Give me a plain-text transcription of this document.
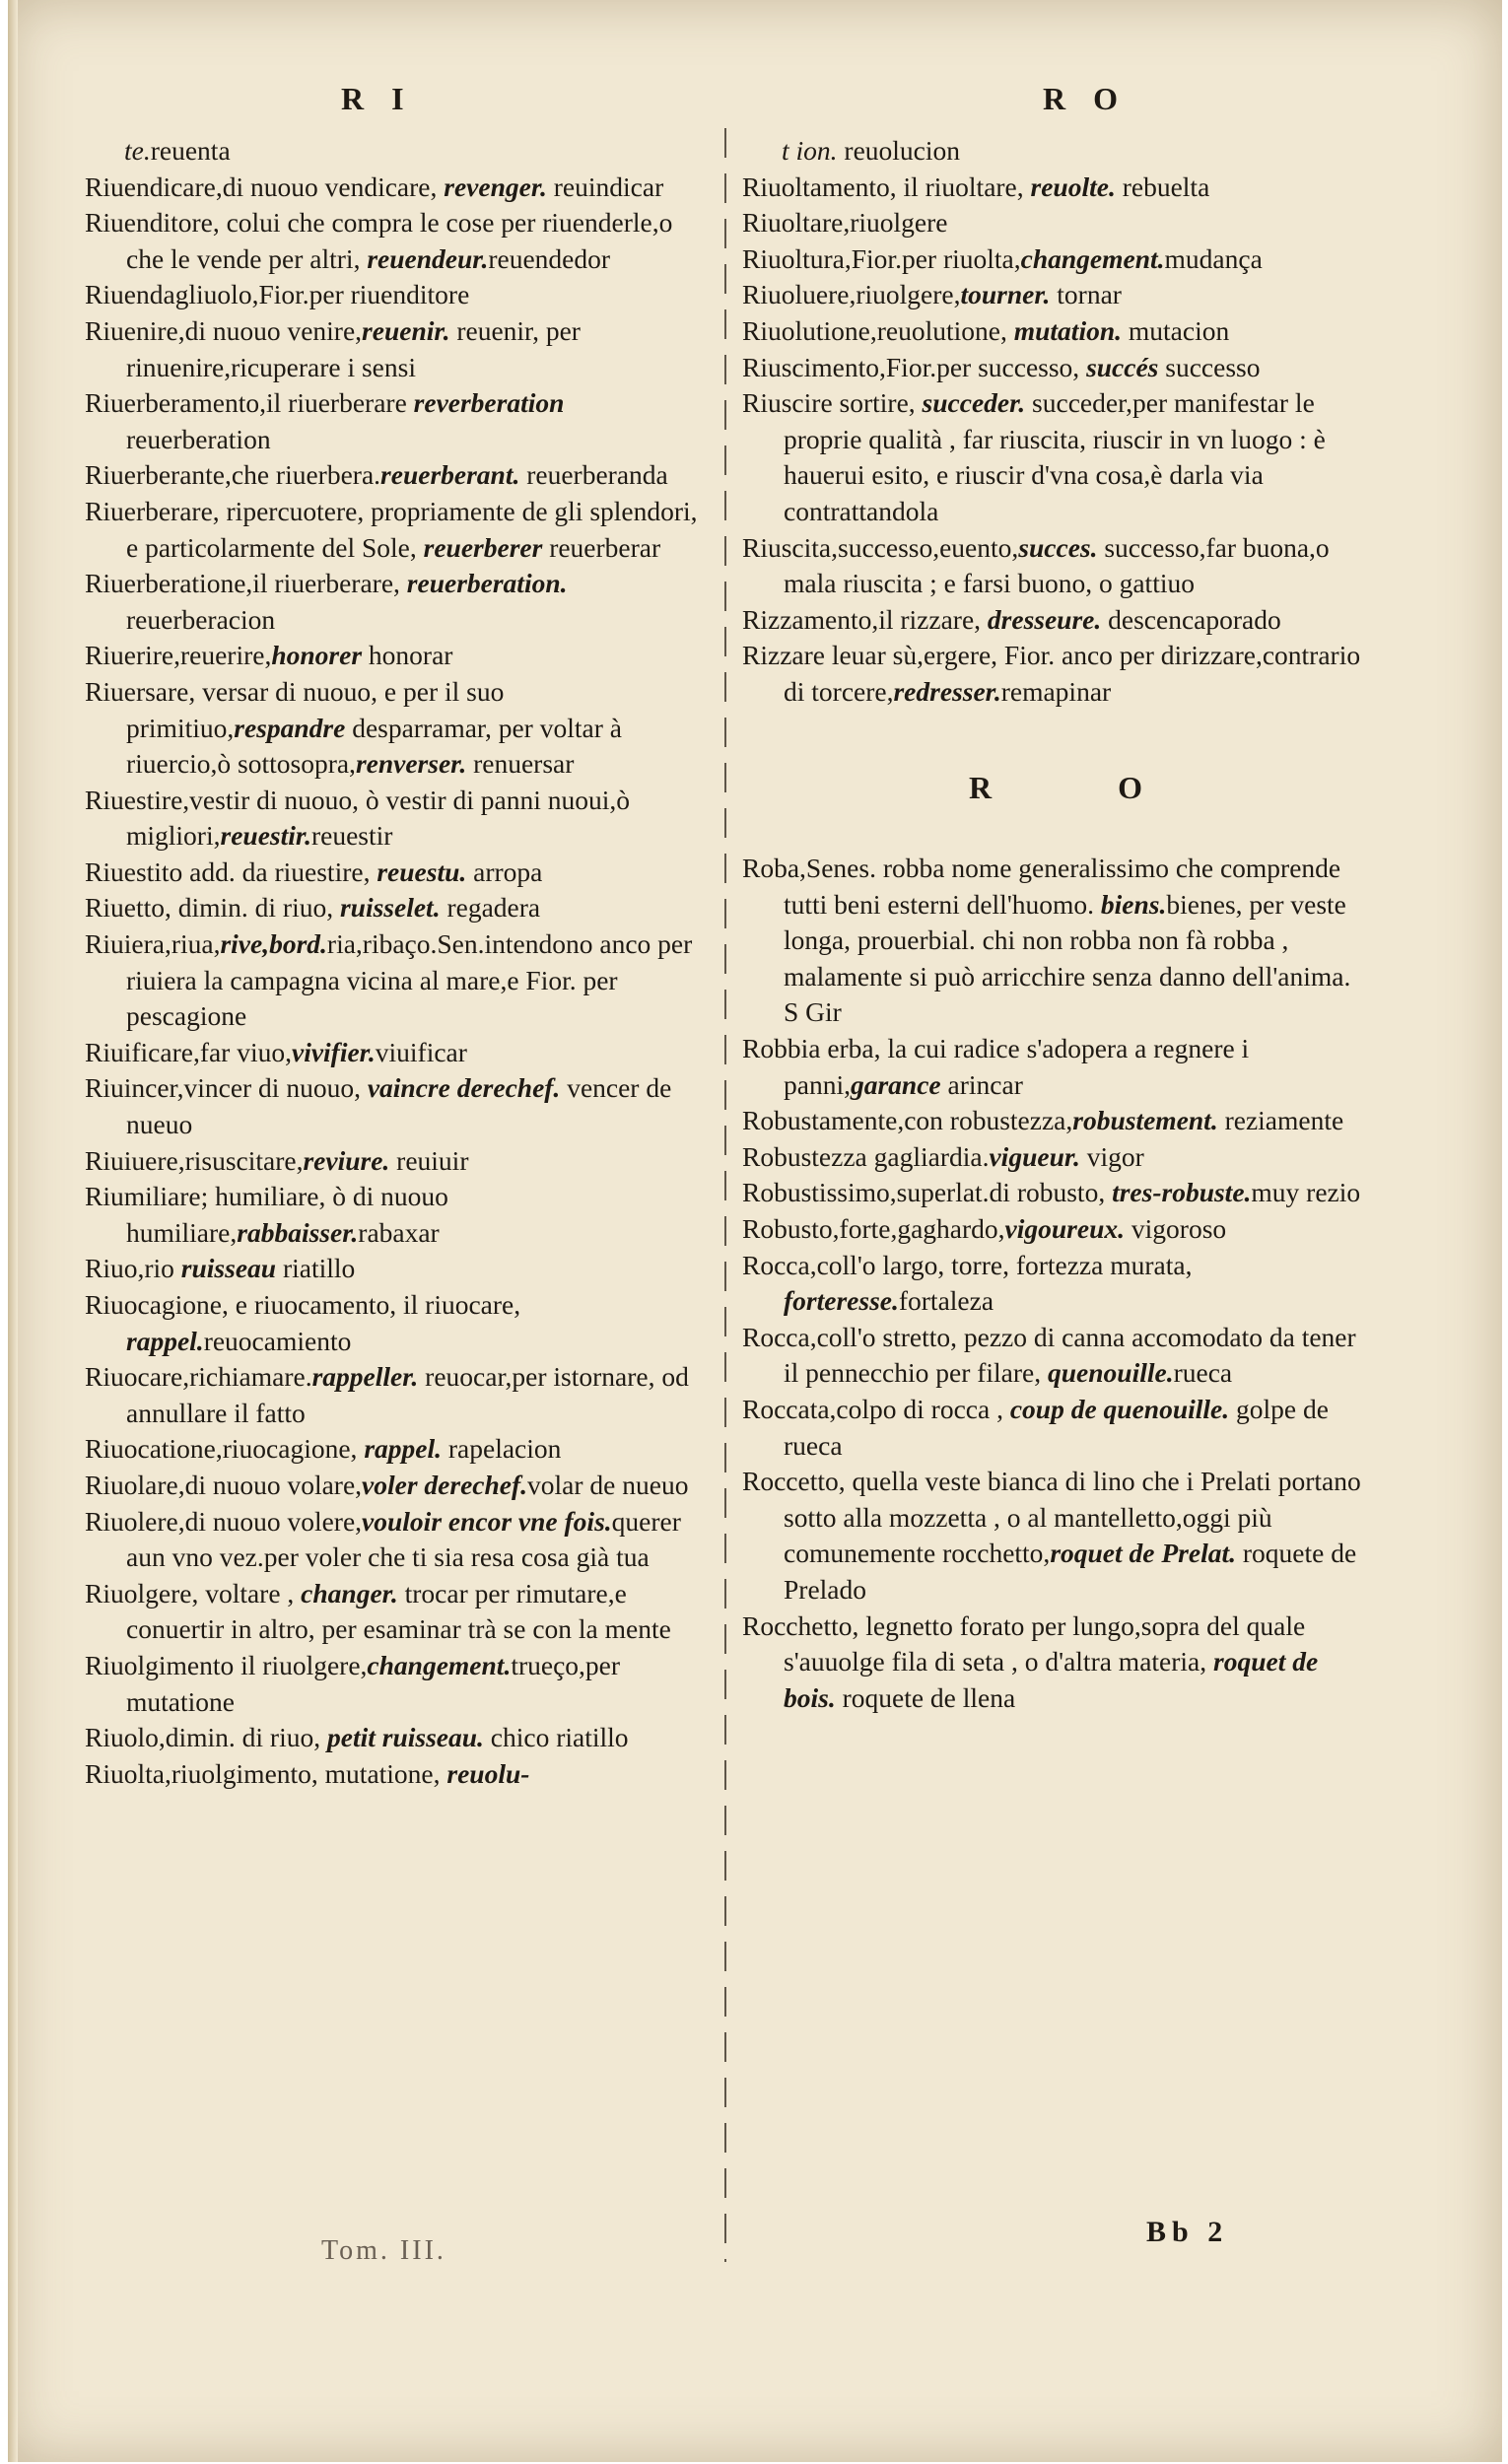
R I	R O

te.reuenta

Riuendicare,di nuouo vendicare, revenger. reuindicar

Riuenditore, colui che compra le cose per riuenderle,o che le vende per altri, reuendeur.reuendedor

Riuendagliuolo,Fior.per riuenditore

Riuenire,di nuouo venire,reuenir. reuenir, per rinuenire,ricuperare i sensi

Riuerberamento,il riuerberare reverberation reuerberation

Riuerberante,che riuerbera.reuerberant. reuerberanda

Riuerberare, ripercuotere, propriamente de gli splendori, e particolarmente del Sole, reuerberer reuerberar

Riuerberatione,il riuerberare, reuerberation. reuerberacion

Riuerire,reuerire,honorer honorar

Riuersare, versar di nuouo, e per il suo primitiuo,respandre desparramar, per voltar à riuercio,ò sottosopra,renverser. renuersar

Riuestire,vestir di nuouo, ò vestir di panni nuoui,ò migliori,reuestir.reuestir

Riuestito add. da riuestire, reuestu. arropa

Riuetto, dimin. di riuo, ruisselet. regadera

Riuiera,riua,rive,bord.ria,ribaço.Sen.intendono anco per riuiera la campagna vicina al mare,e Fior. per pescagione

Riuificare,far viuo,vivifier.viuificar

Riuincer,vincer di nuouo, vaincre derechef. vencer de nueuo

Riuiuere,risuscitare,reviure. reuiuir

Riumiliare; humiliare, ò di nuouo humiliare,rabbaisser.rabaxar

Riuo,rio ruisseau riatillo

Riuocagione, e riuocamento, il riuocare, rappel.reuocamiento

Riuocare,richiamare.rappeller. reuocar,per istornare, od annullare il fatto

Riuocatione,riuocagione, rappel. rapelacion

Riuolare,di nuouo volare,voler derechef.volar de nueuo

Riuolere,di nuouo volere,vouloir encor vne fois.querer aun vno vez.per voler che ti sia resa cosa già tua

Riuolgere, voltare , changer. trocar per rimutare,e conuertir in altro, per esaminar trà se con la mente

Riuolgimento il riuolgere,changement.trueço,per mutatione

Riuolo,dimin. di riuo, petit ruisseau. chico riatillo

Riuolta,riuolgimento, mutatione, reuolu-

t ion. reuolucion

Riuoltamento, il riuoltare, reuolte. rebuelta

Riuoltare,riuolgere

Riuoltura,Fior.per riuolta,changement.mudança

Riuoluere,riuolgere,tourner. tornar

Riuolutione,reuolutione, mutation. mutacion

Riuscimento,Fior.per successo, succés successo

Riuscire sortire, succeder. succeder,per manifestar le proprie qualità , far riuscita, riuscir in vn luogo : è hauerui esito, e riuscir d'vna cosa,è darla via contrattandola

Riuscita,successo,euento,succes. successo,far buona,o mala riuscita ; e farsi buono, o gattiuo

Rizzamento,il rizzare, dresseure. descencaporado

Rizzare leuar sù,ergere, Fior. anco per dirizzare,contrario di torcere,redresser.remapinar

R O

Roba,Senes. robba nome generalissimo che comprende tutti beni esterni dell'huomo. biens.bienes, per veste longa, prouerbial. chi non robba non fà robba , malamente si può arricchire senza danno dell'anima. S Gir

Robbia erba, la cui radice s'adopera a regnere i panni,garance arincar

Robustamente,con robustezza,robustement. reziamente

Robustezza gagliardia.vigueur. vigor

Robustissimo,superlat.di robusto, tres-robuste.muy rezio

Robusto,forte,gaghardo,vigoureux. vigoroso

Rocca,coll'o largo, torre, fortezza murata, forteresse.fortaleza

Rocca,coll'o stretto, pezzo di canna accomodato da tener il pennecchio per filare, quenouille.rueca

Roccata,colpo di rocca , coup de quenouille. golpe de rueca

Roccetto, quella veste bianca di lino che i Prelati portano sotto alla mozzetta , o al mantelletto,oggi più comunemente rocchetto,roquet de Prelat. roquete de Prelado

Rocchetto, legnetto forato per lungo,sopra del quale s'auuolge fila di seta , o d'altra materia, roquet de bois. roquete de llena

Tom. III.
Bb 2
